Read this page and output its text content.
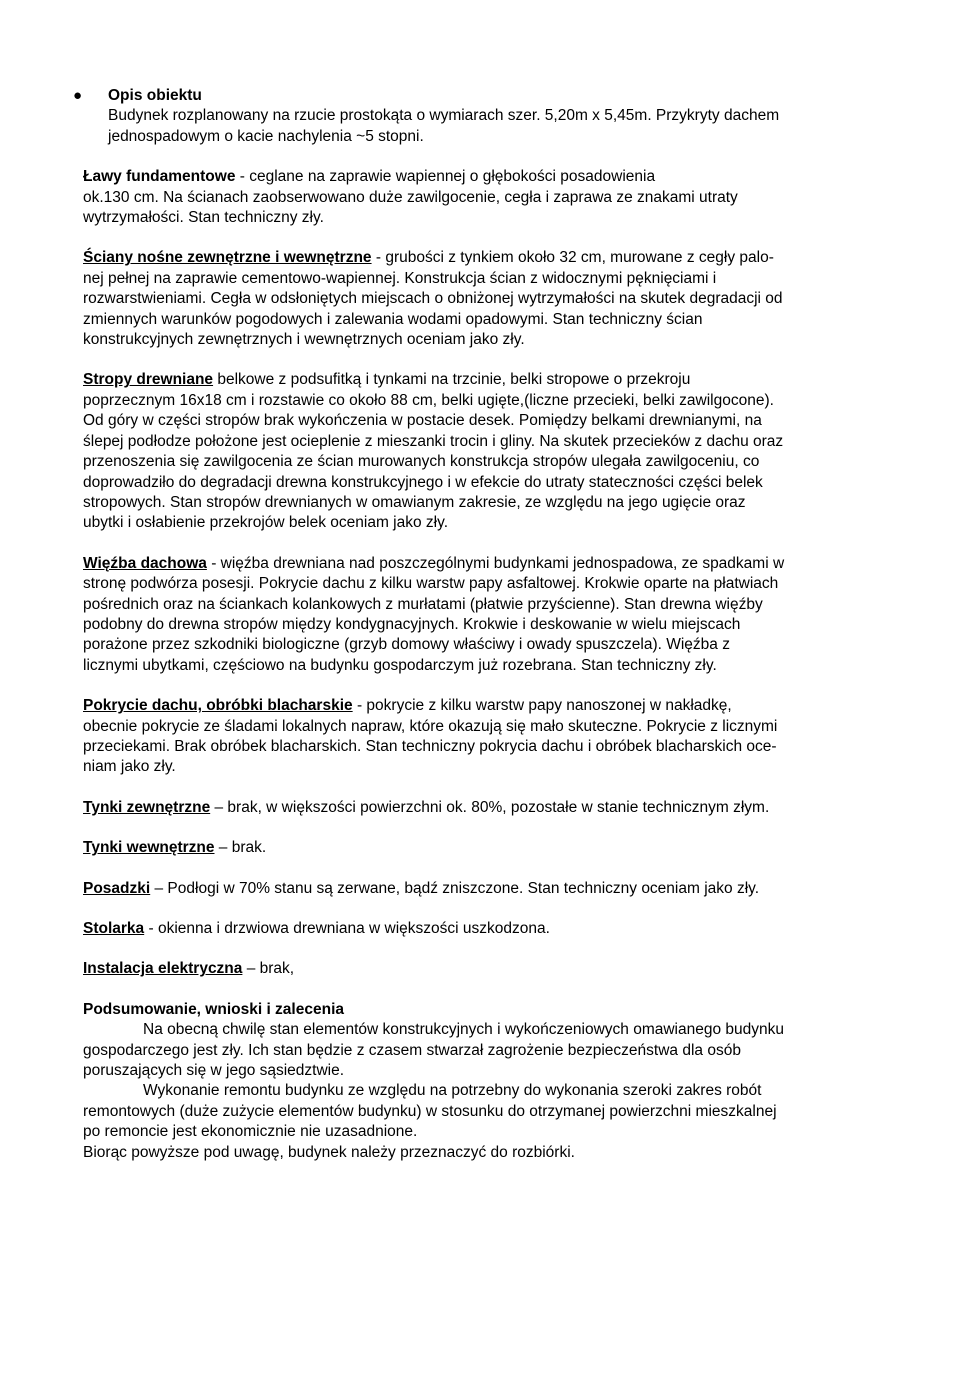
●	Opis obiektu
Budynek rozplanowany na rzucie prostokąta o wymiarach szer. 5,20m x 5,45m. Przykryty dachem
jednospadowym o kacie nachylenia ~5 stopni.
Ławy fundamentowe - ceglane na zaprawie wapiennej o głębokości posadowienia
ok.130 cm. Na ścianach zaobserwowano duże zawilgocenie, cegła i zaprawa ze znakami utraty
wytrzymałości. Stan techniczny zły.
Ściany nośne zewnętrzne i wewnętrzne - grubości z tynkiem około 32 cm, murowane z cegły palo-
nej pełnej na zaprawie cementowo-wapiennej. Konstrukcja ścian z widocznymi pęknięciami i
rozwarstwieniami. Cegła w odsłoniętych miejscach o obniżonej wytrzymałości na skutek degradacji od
zmiennych warunków pogodowych i zalewania wodami opadowymi. Stan techniczny ścian
konstrukcyjnych zewnętrznych i wewnętrznych oceniam jako zły.
Stropy drewniane belkowe z podsufitką i tynkami na trzcinie, belki stropowe o przekroju
poprzecznym 16x18 cm i rozstawie co około 88 cm, belki ugięte,(liczne przecieki, belki zawilgocone).
Od góry w części stropów brak wykończenia w postacie desek. Pomiędzy belkami drewnianymi, na
ślepej podłodze położone jest ocieplenie z mieszanki trocin i gliny. Na skutek przecieków z dachu oraz
przenoszenia się zawilgocenia ze ścian murowanych konstrukcja stropów ulegała zawilgoceniu, co
doprowadziło do degradacji drewna konstrukcyjnego i w efekcie do utraty stateczności części belek
stropowych. Stan stropów drewnianych w omawianym zakresie, ze względu na jego ugięcie oraz
ubytki i osłabienie przekrojów belek oceniam jako zły.
Więźba dachowa - więźba drewniana nad poszczególnymi budynkami jednospadowa, ze spadkami w
stronę podwórza posesji. Pokrycie dachu z kilku warstw papy asfaltowej. Krokwie oparte na płatwiach
pośrednich oraz na ściankach kolankowych z murłatami (płatwie przyścienne). Stan drewna więźby
podobny do drewna stropów między kondygnacyjnych. Krokwie i deskowanie w wielu miejscach
porażone przez szkodniki biologiczne (grzyb domowy właściwy i owady spuszczela). Więźba z
licznymi ubytkami, częściowo na budynku gospodarczym już rozebrana. Stan techniczny zły.
Pokrycie dachu, obróbki blacharskie - pokrycie z kilku warstw papy nanoszonej w nakładkę,
obecnie pokrycie ze śladami lokalnych napraw, które okazują się mało skuteczne. Pokrycie z licznymi
przeciekami. Brak obróbek blacharskich. Stan techniczny pokrycia dachu i obróbek blacharskich oce-
niam jako zły.
Tynki zewnętrzne – brak, w większości powierzchni ok. 80%, pozostałe w stanie technicznym złym.
Tynki wewnętrzne – brak.
Posadzki – Podłogi w 70% stanu są zerwane, bądź zniszczone. Stan techniczny oceniam jako zły.
Stolarka - okienna i drzwiowa drewniana w większości uszkodzona.
Instalacja elektryczna – brak,
Podsumowanie, wnioski i zalecenia
Na obecną chwilę stan elementów konstrukcyjnych i wykończeniowych omawianego budynku
gospodarczego jest zły. Ich stan będzie z czasem stwarzał zagrożenie bezpieczeństwa dla osób
poruszających się w jego sąsiedztwie.
Wykonanie remontu budynku ze względu na potrzebny do wykonania szeroki zakres robót
remontowych (duże zużycie elementów budynku) w stosunku do otrzymanej powierzchni mieszkalnej
po remoncie jest ekonomicznie nie uzasadnione.
Biorąc powyższe pod uwagę, budynek należy przeznaczyć do rozbiórki.
